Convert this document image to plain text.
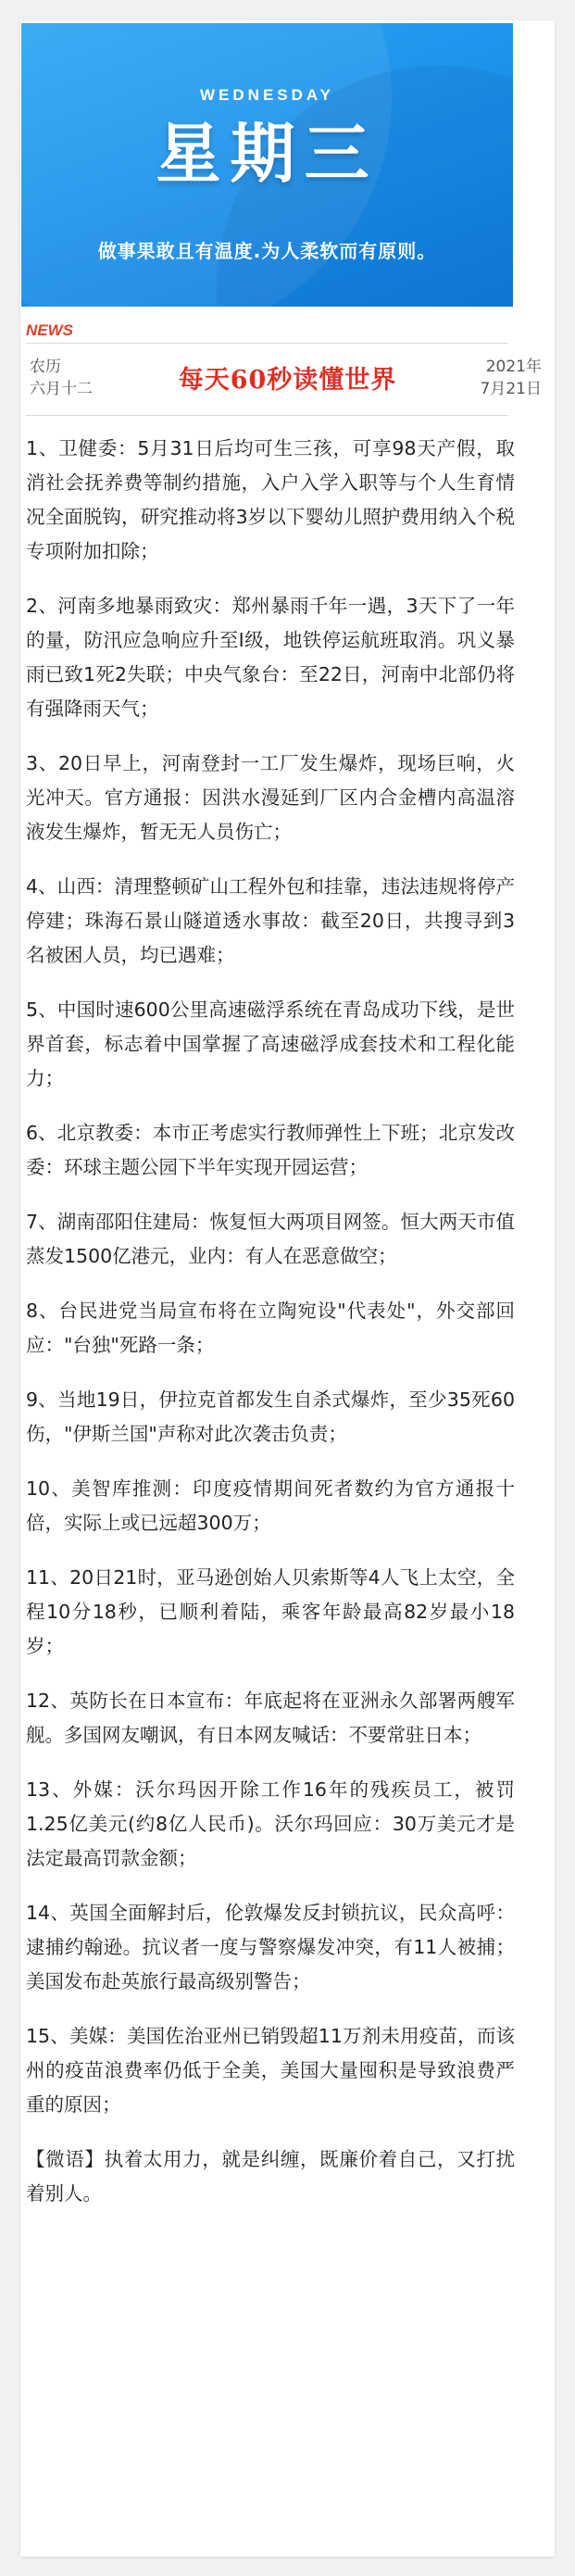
WEDNESDAY
星期三
做事果敢且有温度.为人柔软而有原则。
NEWS
农历
六月十二	每天60秒读懂世界	2021年
7月21日
1、卫健委：5月31日后均可生三孩，可享98天产假，取消社会抚养费等制约措施，入户入学入职等与个人生育情况全面脱钩，研究推动将3岁以下婴幼儿照护费用纳入个税专项附加扣除；
2、河南多地暴雨致灾：郑州暴雨千年一遇，3天下了一年的量，防汛应急响应升至I级，地铁停运航班取消。巩义暴雨已致1死2失联；中央气象台：至22日，河南中北部仍将有强降雨天气；
3、20日早上，河南登封一工厂发生爆炸，现场巨响，火光冲天。官方通报：因洪水漫延到厂区内合金槽内高温溶液发生爆炸，暂无无人员伤亡；
4、山西：清理整顿矿山工程外包和挂靠，违法违规将停产停建；珠海石景山隧道透水事故：截至20日，共搜寻到3名被困人员，均已遇难；
5、中国时速600公里高速磁浮系统在青岛成功下线，是世界首套，标志着中国掌握了高速磁浮成套技术和工程化能力；
6、北京教委：本市正考虑实行教师弹性上下班；北京发改委：环球主题公园下半年实现开园运营；
7、湖南邵阳住建局：恢复恒大两项目网签。恒大两天市值蒸发1500亿港元，业内：有人在恶意做空；
8、台民进党当局宣布将在立陶宛设"代表处"，外交部回应："台独"死路一条；
9、当地19日，伊拉克首都发生自杀式爆炸，至少35死60伤，"伊斯兰国"声称对此次袭击负责；
10、美智库推测：印度疫情期间死者数约为官方通报十倍，实际上或已远超300万；
11、20日21时，亚马逊创始人贝索斯等4人飞上太空，全程10分18秒，已顺利着陆，乘客年龄最高82岁最小18岁；
12、英防长在日本宣布：年底起将在亚洲永久部署两艘军舰。多国网友嘲讽，有日本网友喊话：不要常驻日本；
13、外媒：沃尔玛因开除工作16年的残疾员工，被罚1.25亿美元(约8亿人民币)。沃尔玛回应：30万美元才是法定最高罚款金额；
14、英国全面解封后，伦敦爆发反封锁抗议，民众高呼：逮捕约翰逊。抗议者一度与警察爆发冲突，有11人被捕；美国发布赴英旅行最高级别警告；
15、美媒：美国佐治亚州已销毁超11万剂未用疫苗，而该州的疫苗浪费率仍低于全美，美国大量囤积是导致浪费严重的原因；

【微语】执着太用力，就是纠缠，既廉价着自己，又打扰着别人。
